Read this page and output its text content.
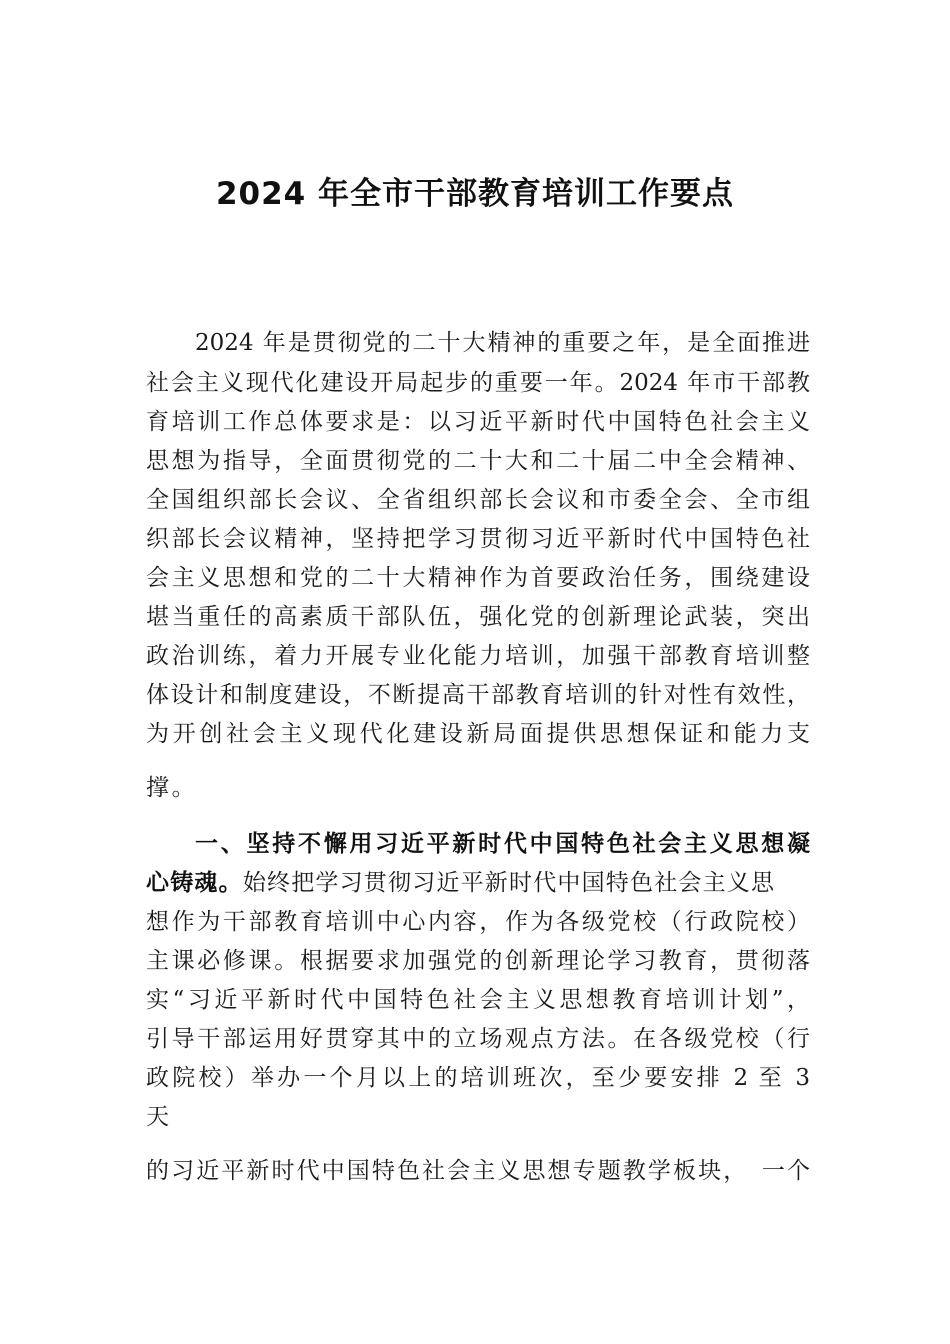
2024 年全市干部教育培训工作要点
2024 年是贯彻党的二十大精神的重要之年，是全面推进
社会主义现代化建设开局起步的重要一年。2024 年市干部教
育培训工作总体要求是：以习近平新时代中国特色社会主义
思想为指导，全面贯彻党的二十大和二十届二中全会精神、
全国组织部长会议、全省组织部长会议和市委全会、全市组
织部长会议精神，坚持把学习贯彻习近平新时代中国特色社
会主义思想和党的二十大精神作为首要政治任务，围绕建设
堪当重任的高素质干部队伍，强化党的创新理论武装，突出
政治训练，着力开展专业化能力培训，加强干部教育培训整
体设计和制度建设，不断提高干部教育培训的针对性有效性，
为开创社会主义现代化建设新局面提供思想保证和能力支
撑。
一、坚持不懈用习近平新时代中国特色社会主义思想凝
心铸魂。始终把学习贯彻习近平新时代中国特色社会主义思
想作为干部教育培训中心内容，作为各级党校（行政院校）
主课必修课。根据要求加强党的创新理论学习教育，贯彻落
实“习近平新时代中国特色社会主义思想教育培训计划”，
引导干部运用好贯穿其中的立场观点方法。在各级党校（行
政院校）举办一个月以上的培训班次，至少要安排 2 至 3
天
的习近平新时代中国特色社会主义思想专题教学板块，　一个
